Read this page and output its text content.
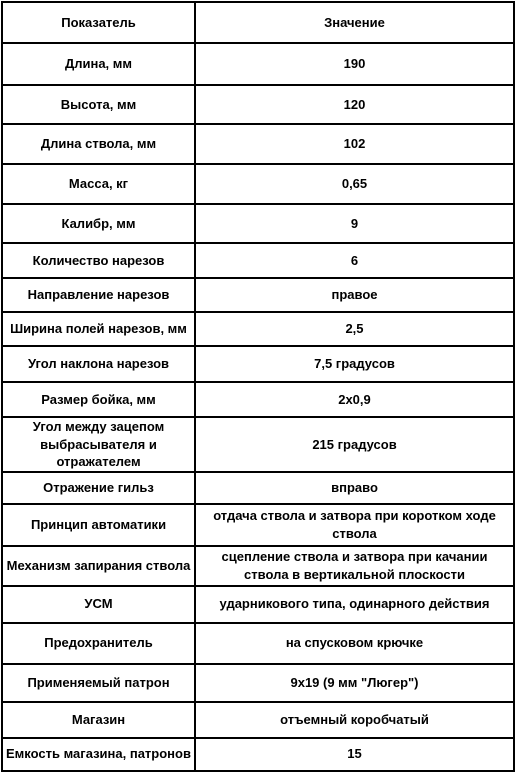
Показатель	Значение
Длина, мм	190
Высота, мм	120
Длина ствола, мм	102
Масса, кг	0,65
Калибр, мм	9
Количество нарезов	6
Направление нарезов	правое
Ширина полей нарезов, мм	2,5
Угол наклона нарезов	7,5 градусов
Размер бойка, мм	2х0,9
Угол между зацепом выбрасывателя и отражателем	215 градусов
Отражение гильз	вправо
Принцип автоматики	отдача ствола и затвора при коротком ходе ствола
Механизм запирания ствола	сцепление ствола и затвора при качании ствола в вертикальной плоскости
УСМ	ударникового типа, одинарного действия
Предохранитель	на спусковом крючке
Применяемый патрон	9x19 (9 мм "Люгер")
Магазин	отъемный коробчатый
Емкость магазина, патронов	15
